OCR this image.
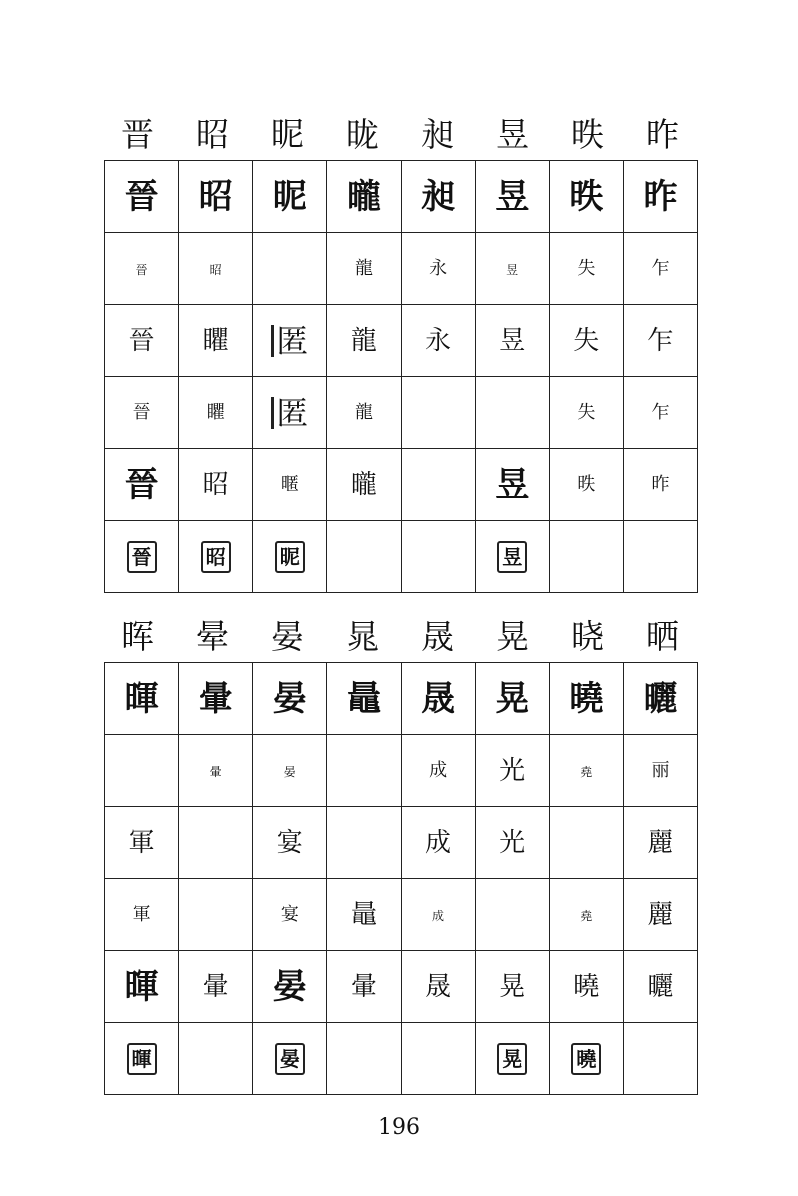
晋	昭	昵	昽	昶	昱	昳	昨
晉	昭	昵	曨	昶	昱	昳	昨
晉	昭		龍	永	昱	失	乍
晉	䂂	匿	龍	永	昱	失	乍
晉	䂂	匿	龍			失	乍
晉	昭	暱	曨		昱	昳	昨
晉	昭	昵			昱		
晖	晕	晏	晁	晟	晃	晓	晒
暉	暈	晏	鼂	晟	晃	曉	曬
	暈	晏		成	光	堯	丽
軍		宴		成	光		麗
軍		宴	鼂	成		堯	麗
暉	暈	晏	暈	晟	晃	曉	曬
暉		晏			晃	曉	
196
